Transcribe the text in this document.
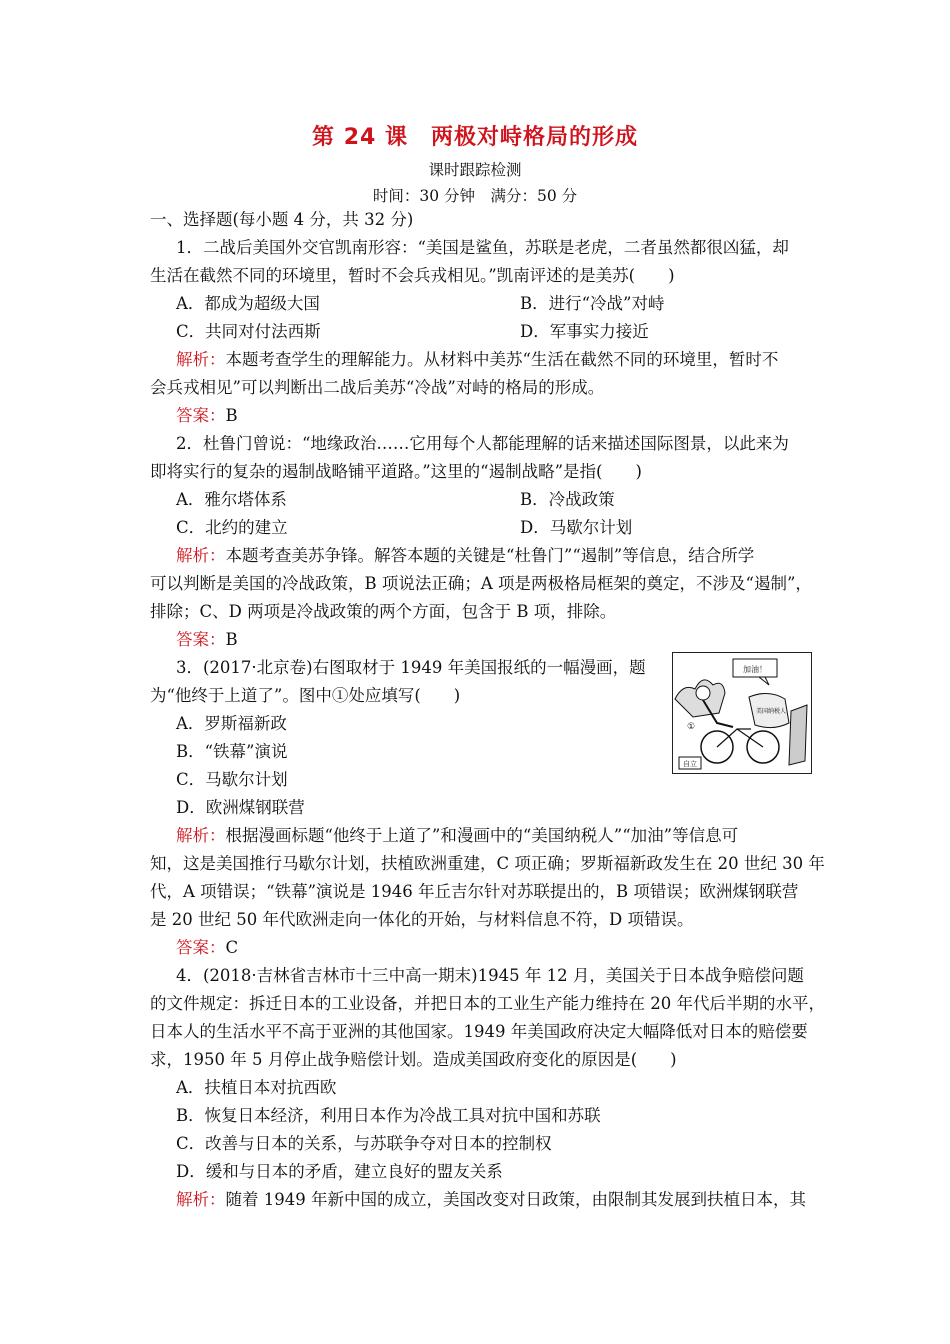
第 24 课　两极对峙格局的形成
课时跟踪检测
时间：30 分钟　满分：50 分
一、选择题(每小题 4 分，共 32 分)
1．二战后美国外交官凯南形容：“美国是鲨鱼，苏联是老虎，二者虽然都很凶猛，却
生活在截然不同的环境里，暂时不会兵戎相见。”凯南评述的是美苏(　　)
A．都成为超级大国	B．进行“冷战”对峙
C．共同对付法西斯	D．军事实力接近
解析：本题考查学生的理解能力。从材料中美苏“生活在截然不同的环境里，暂时不
会兵戎相见”可以判断出二战后美苏“冷战”对峙的格局的形成。
答案：B
2．杜鲁门曾说：“地缘政治……它用每个人都能理解的话来描述国际图景，以此来为
即将实行的复杂的遏制战略铺平道路。”这里的“遏制战略”是指(　　)
A．雅尔塔体系	B．冷战政策
C．北约的建立	D．马歇尔计划
解析：本题考查美苏争锋。解答本题的关键是“杜鲁门”“遏制”等信息，结合所学
可以判断是美国的冷战政策，B 项说法正确；A 项是两极格局框架的奠定，不涉及“遏制”，
排除；C、D 两项是冷战政策的两个方面，包含于 B 项，排除。
答案：B
3．(2017·北京卷)右图取材于 1949 年美国报纸的一幅漫画，题
为“他终于上道了”。图中①处应填写(　　)
A．罗斯福新政
B．“铁幕”演说
C．马歇尔计划
D．欧洲煤钢联营
解析：根据漫画标题“他终于上道了”和漫画中的“美国纳税人”“加油”等信息可
知，这是美国推行马歇尔计划，扶植欧洲重建，C 项正确；罗斯福新政发生在 20 世纪 30 年
代，A 项错误；“铁幕”演说是 1946 年丘吉尔针对苏联提出的，B 项错误；欧洲煤钢联营
是 20 世纪 50 年代欧洲走向一体化的开始，与材料信息不符，D 项错误。
答案：C
4．(2018·吉林省吉林市十三中高一期末)1945 年 12 月，美国关于日本战争赔偿问题
的文件规定：拆迁日本的工业设备，并把日本的工业生产能力维持在 20 年代后半期的水平，
日本人的生活水平不高于亚洲的其他国家。1949 年美国政府决定大幅降低对日本的赔偿要
求，1950 年 5 月停止战争赔偿计划。造成美国政府变化的原因是(　　)
A．扶植日本对抗西欧
B．恢复日本经济，利用日本作为冷战工具对抗中国和苏联
C．改善与日本的关系，与苏联争夺对日本的控制权
D．缓和与日本的矛盾，建立良好的盟友关系
解析：随着 1949 年新中国的成立，美国改变对日政策，由限制其发展到扶植日本，其
加油！
美国纳税人
①
自立
